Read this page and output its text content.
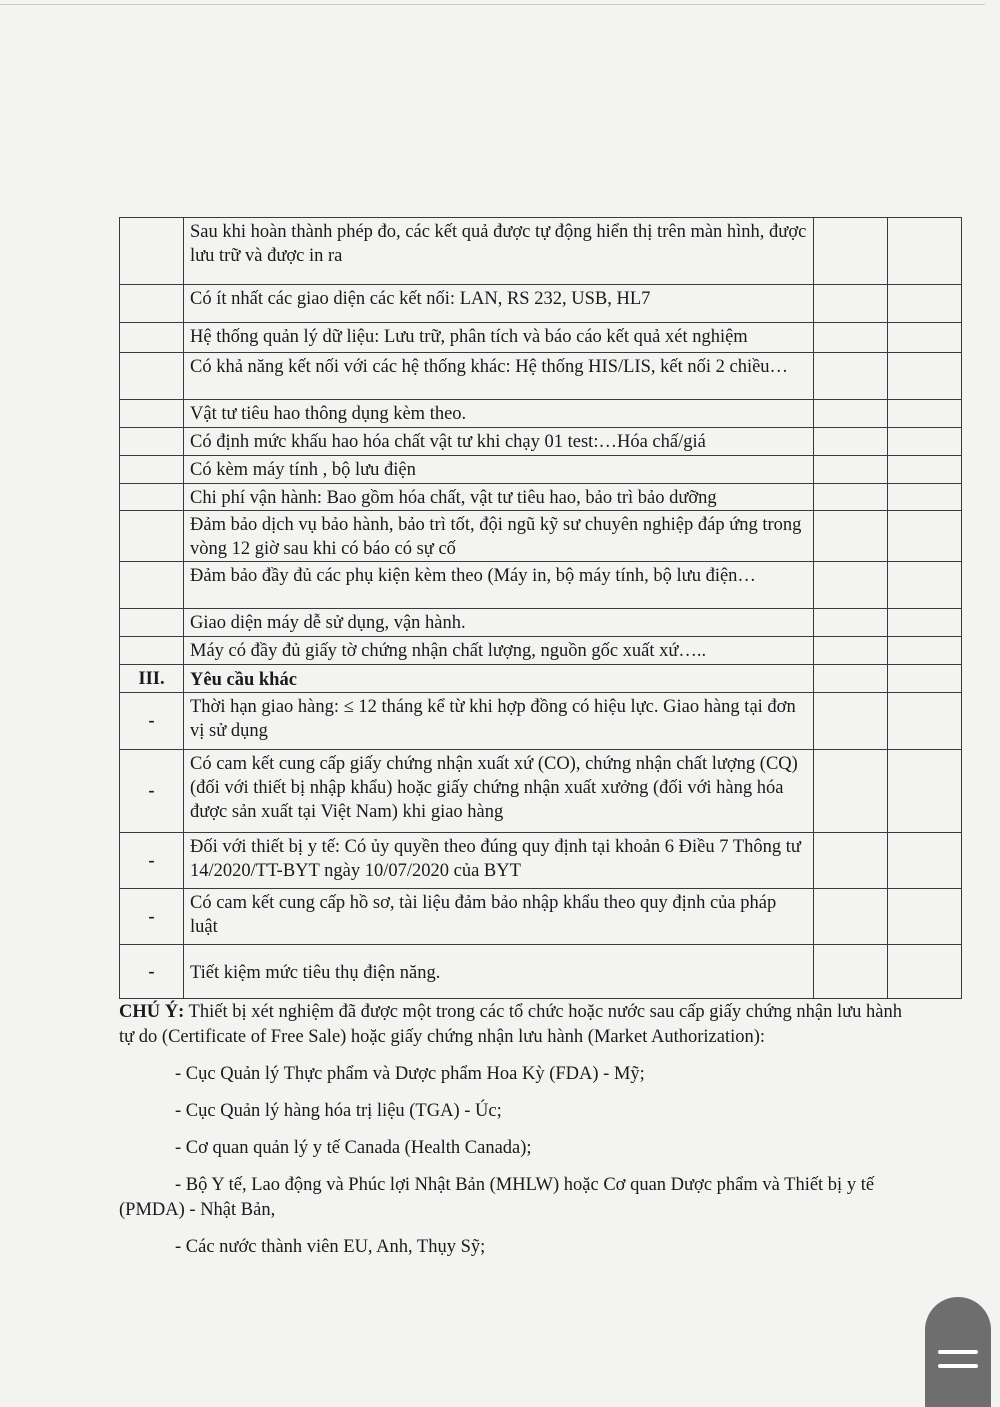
	Sau khi hoàn thành phép đo, các kết quả được tự động hiển thị trên màn hình, được lưu trữ và được in ra		
	Có ít nhất các giao diện các kết nối: LAN, RS 232, USB, HL7		
	Hệ thống quản lý dữ liệu: Lưu trữ, phân tích và báo cáo kết quả xét nghiệm		
	Có khả năng kết nối với các hệ thống khác: Hệ thống HIS/LIS, kết nối 2 chiều…		
	Vật tư tiêu hao thông dụng kèm theo.		
	Có định mức khấu hao hóa chất vật tư khi chạy 01 test:…Hóa chấ/giá		
	Có kèm máy tính , bộ lưu điện		
	Chi phí vận hành: Bao gồm hóa chất, vật tư tiêu hao, bảo trì bảo dưỡng		
	Đảm bảo dịch vụ bảo hành, bảo trì tốt, đội ngũ kỹ sư chuyên nghiệp đáp ứng trong vòng 12 giờ sau khi có báo có sự cố		
	Đảm bảo đầy đủ các phụ kiện kèm theo (Máy in, bộ máy tính, bộ lưu điện…		
	Giao diện máy dễ sử dụng, vận hành.		
	Máy có đầy đủ giấy tờ chứng nhận chất lượng, nguồn gốc xuất xứ…..		
III.	Yêu cầu khác		
-	Thời hạn giao hàng: ≤ 12 tháng kể từ khi hợp đồng có hiệu lực. Giao hàng tại đơn vị sử dụng		
-	Có cam kết cung cấp giấy chứng nhận xuất xứ (CO), chứng nhận chất lượng (CQ) (đối với thiết bị nhập khẩu) hoặc giấy chứng nhận xuất xưởng (đối với hàng hóa được sản xuất tại Việt Nam) khi giao hàng		
-	Đối với thiết bị y tế: Có ủy quyền theo đúng quy định tại khoản 6 Điều 7 Thông tư 14/2020/TT-BYT ngày 10/07/2020 của BYT		
-	Có cam kết cung cấp hồ sơ, tài liệu đảm bảo nhập khẩu theo quy định của pháp luật		
-	Tiết kiệm mức tiêu thụ điện năng.		

CHÚ Ý: Thiết bị xét nghiệm đã được một trong các tổ chức hoặc nước sau cấp giấy chứng nhận lưu hành tự do (Certificate of Free Sale) hoặc giấy chứng nhận lưu hành (Market Authorization):

- Cục Quản lý Thực phẩm và Dược phẩm Hoa Kỳ (FDA) - Mỹ;

- Cục Quản lý hàng hóa trị liệu (TGA) - Úc;

- Cơ quan quản lý y tế Canada (Health Canada);

- Bộ Y tế, Lao động và Phúc lợi Nhật Bản (MHLW) hoặc Cơ quan Dược phẩm và Thiết bị y tế (PMDA) - Nhật Bản,

- Các nước thành viên EU, Anh, Thụy Sỹ;
